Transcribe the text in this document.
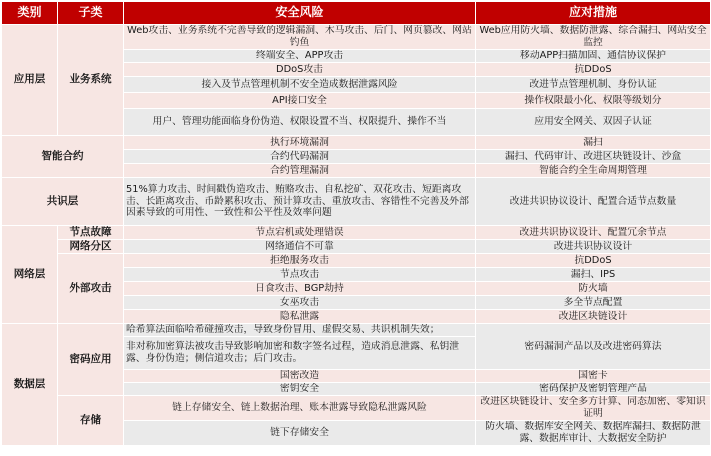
类别	子类	安全风险	应对措施
应用层	业务系统	Web攻击、业务系统不完善导致的逻辑漏洞、木马攻击、后门、网页篡改、网站钓鱼	Web应用防火墙、数据防泄露、综合漏扫、网站安全监控
		终端安全、APP攻击	移动APP扫描加固、通信协议保护
		DDoS攻击	抗DDoS
		接入及节点管理机制不安全造成数据泄露风险	改进节点管理机制、身份认证
		API接口安全	操作权限最小化、权限等级划分
		用户、管理功能面临身份伪造、权限设置不当、权限提升、操作不当	应用安全网关、双因子认证
智能合约		执行环境漏洞	漏扫
		合约代码漏洞	漏扫、代码审计、改进区块链设计、沙盒
		合约管理漏洞	智能合约全生命周期管理
共识层		51%算力攻击、时间戳伪造攻击、贿赂攻击、自私挖矿、双花攻击、短距离攻击、长距离攻击、币龄累积攻击、预计算攻击、重放攻击、容错性不完善及外部因素导致的可用性、一致性和公平性及效率问题	改进共识协议设计、配置合适节点数量
网络层	节点故障	节点宕机或处理错误	改进共识协议设计、配置冗余节点
	网络分区	网络通信不可靠	改进共识协议设计
	外部攻击	拒绝服务攻击	抗DDoS
		节点攻击	漏扫、IPS
		日食攻击、BGP劫持	防火墙
		女巫攻击	多全节点配置
		隐私泄露	改进区块链设计
数据层	密码应用	哈希算法面临哈希碰撞攻击，导致身份冒用、虚假交易、共识机制失效；	密码漏洞产品以及改进密码算法
		非对称加密算法被攻击导致影响加密和数字签名过程，造成消息泄露、私钥泄露、身份伪造；侧信道攻击；后门攻击。	
		国密改造	国密卡
		密钥安全	密码保护及密钥管理产品
	存储	链上存储安全、链上数据治理、账本泄露导致隐私泄露风险	改进区块链设计、安全多方计算、同态加密、零知识证明
		链下存储安全	防火墙、数据库安全网关、数据库漏扫、数据防泄露、数据库审计、大数据安全防护
